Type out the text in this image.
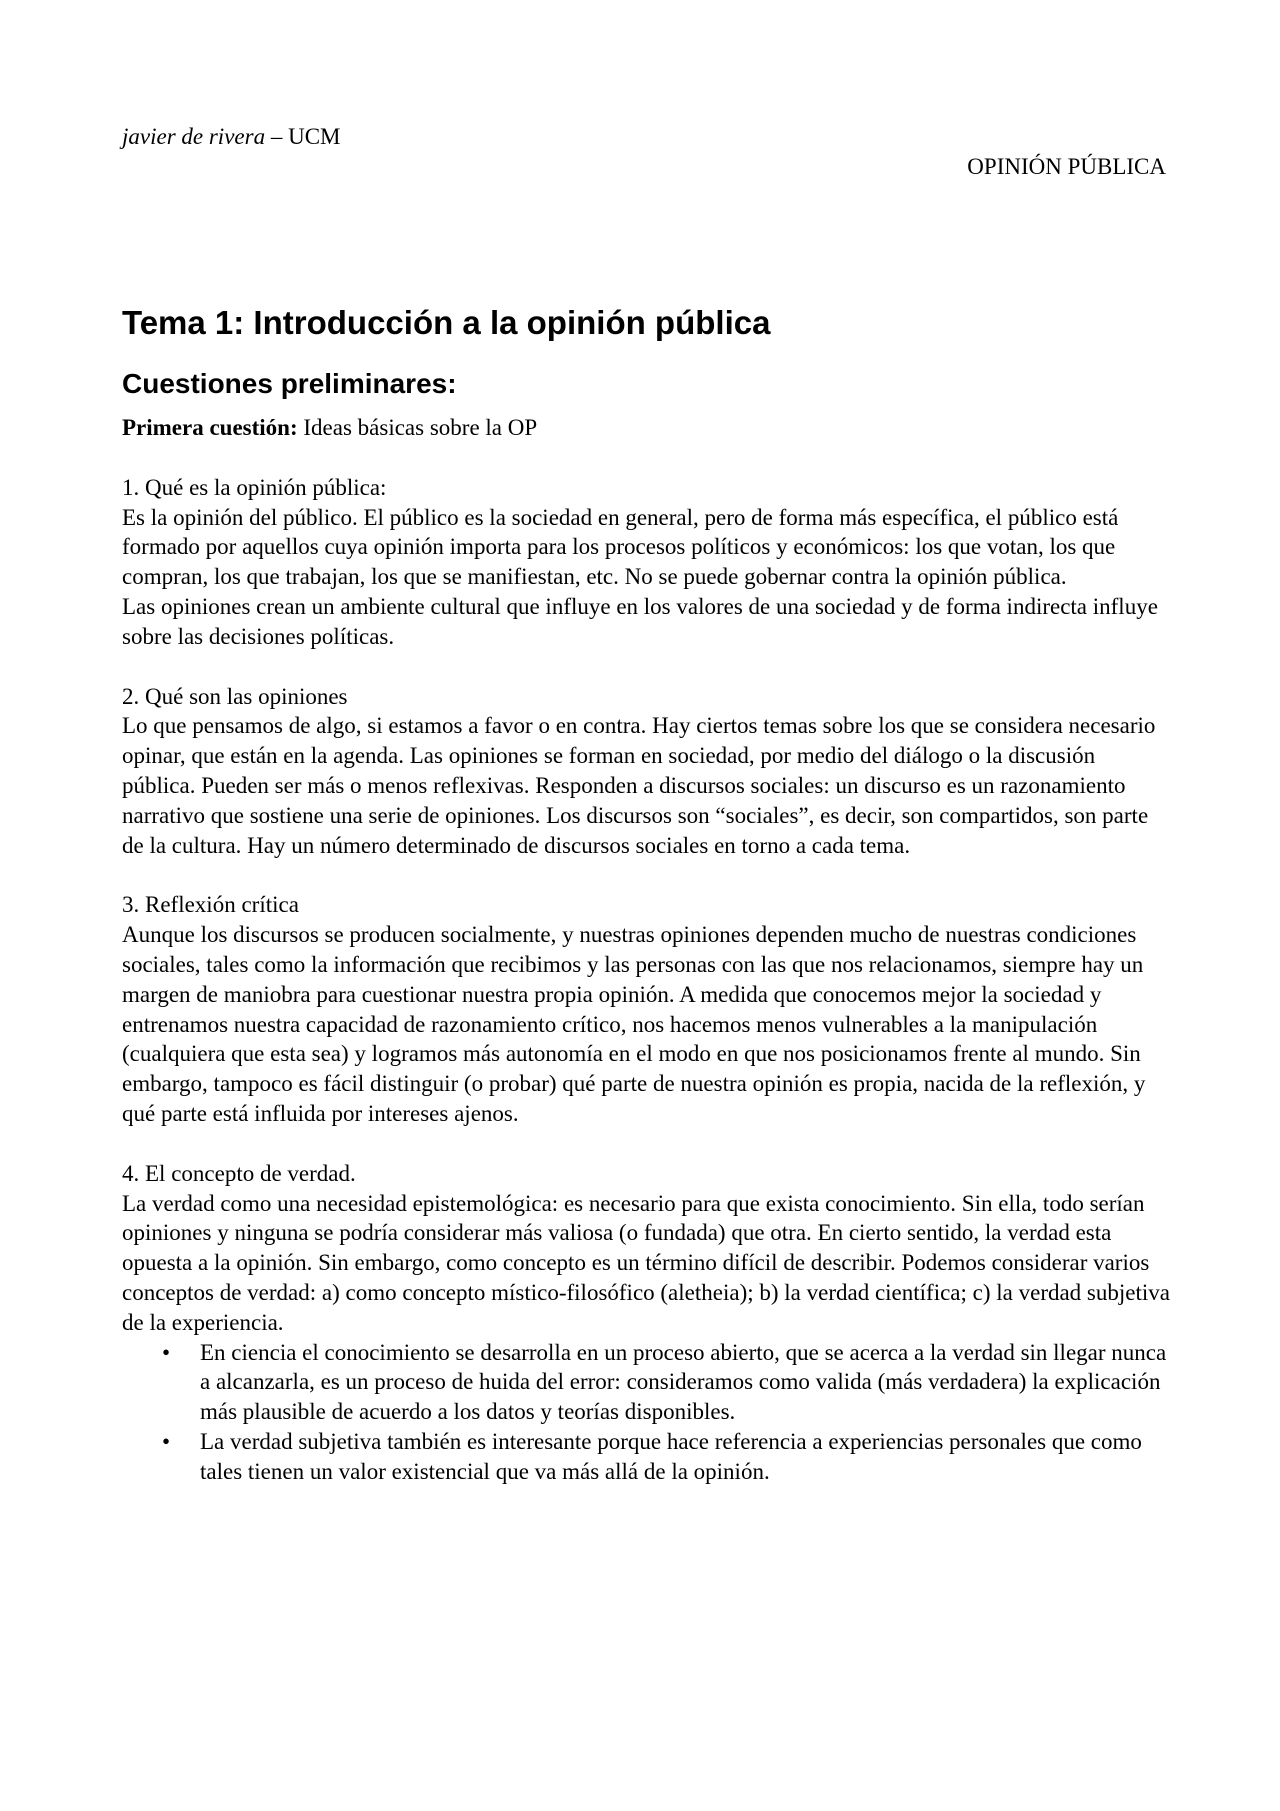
javier de rivera – UCM
OPINIÓN PÚBLICA
Tema 1: Introducción a la opinión pública
Cuestiones preliminares:
Primera cuestión: Ideas básicas sobre la OP

1. Qué es la opinión pública:

Es la opinión del público. El público es la sociedad en general, pero de forma más específica, el público está formado por aquellos cuya opinión importa para los procesos políticos y económicos: los que votan, los que compran, los que trabajan, los que se manifiestan, etc. No se puede gobernar contra la opinión pública.

Las opiniones crean un ambiente cultural que influye en los valores de una sociedad y de forma indirecta influye sobre las decisiones políticas.

2. Qué son las opiniones

Lo que pensamos de algo, si estamos a favor o en contra. Hay ciertos temas sobre los que se considera necesario opinar, que están en la agenda. Las opiniones se forman en sociedad, por medio del diálogo o la discusión pública. Pueden ser más o menos reflexivas. Responden a discursos sociales: un discurso es un razonamiento narrativo que sostiene una serie de opiniones. Los discursos son “sociales”, es decir, son compartidos, son parte de la cultura. Hay un número determinado de discursos sociales en torno a cada tema.

3. Reflexión crítica

Aunque los discursos se producen socialmente, y nuestras opiniones dependen mucho de nuestras condiciones sociales, tales como la información que recibimos y las personas con las que nos relacionamos, siempre hay un margen de maniobra para cuestionar nuestra propia opinión. A medida que conocemos mejor la sociedad y entrenamos nuestra capacidad de razonamiento crítico, nos hacemos menos vulnerables a la manipulación (cualquiera que esta sea) y logramos más autonomía en el modo en que nos posicionamos frente al mundo. Sin embargo, tampoco es fácil distinguir (o probar) qué parte de nuestra opinión es propia, nacida de la reflexión, y qué parte está influida por intereses ajenos.

4. El concepto de verdad.

La verdad como una necesidad epistemológica: es necesario para que exista conocimiento. Sin ella, todo serían opiniones y ninguna se podría considerar más valiosa (o fundada) que otra. En cierto sentido, la verdad esta opuesta a la opinión. Sin embargo, como concepto es un término difícil de describir. Podemos considerar varios conceptos de verdad: a) como concepto místico-filosófico (aletheia); b) la verdad científica; c) la verdad subjetiva de la experiencia.

• En ciencia el conocimiento se desarrolla en un proceso abierto, que se acerca a la verdad sin llegar nunca a alcanzarla, es un proceso de huida del error: consideramos como valida (más verdadera) la explicación más plausible de acuerdo a los datos y teorías disponibles.
• La verdad subjetiva también es interesante porque hace referencia a experiencias personales que como tales tienen un valor existencial que va más allá de la opinión.
